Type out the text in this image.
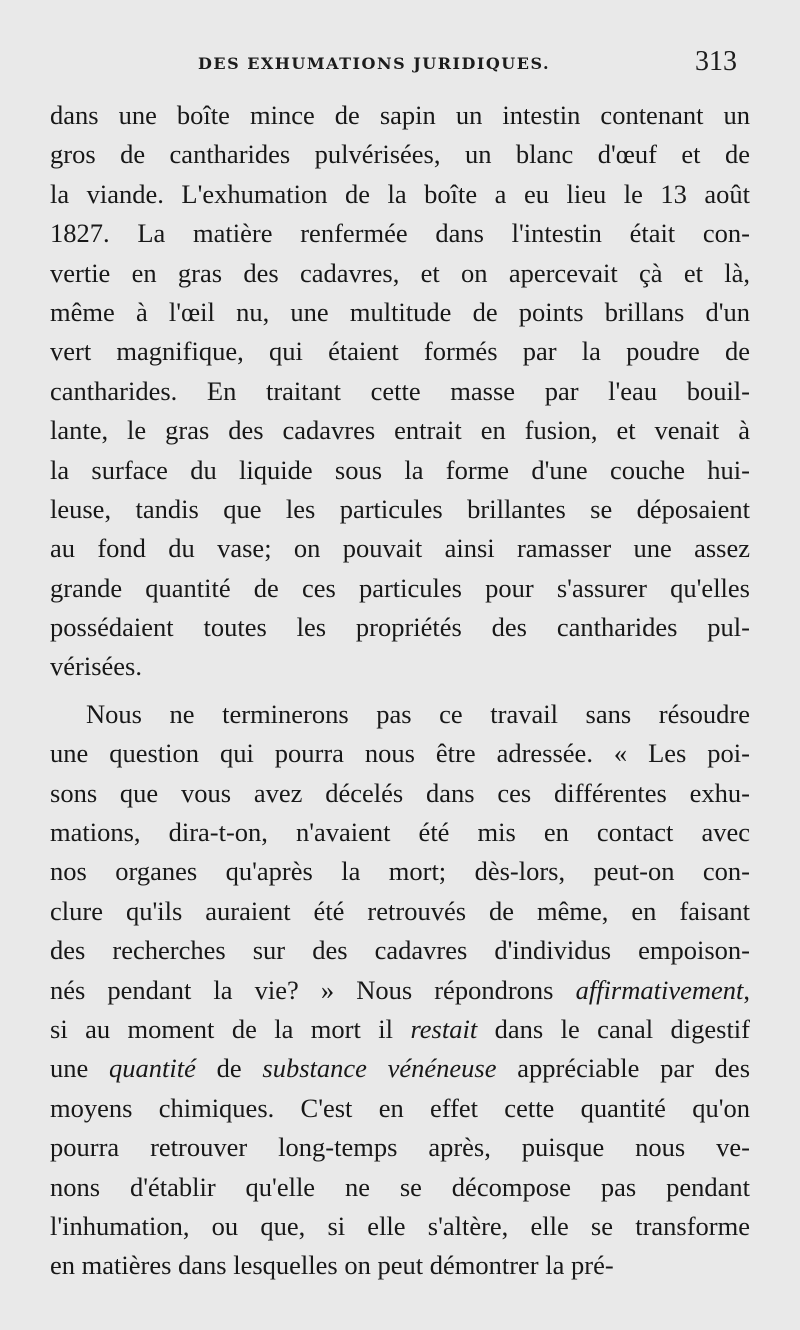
DES EXHUMATIONS JURIDIQUES.	313
dans une boîte mince de sapin un intestin contenant un
gros de cantharides pulvérisées, un blanc d'œuf et de
la viande. L'exhumation de la boîte a eu lieu le 13 août
1827. La matière renfermée dans l'intestin était con-
vertie en gras des cadavres, et on apercevait çà et là,
même à l'œil nu, une multitude de points brillans d'un
vert magnifique, qui étaient formés par la poudre de
cantharides. En traitant cette masse par l'eau bouil-
lante, le gras des cadavres entrait en fusion, et venait à
la surface du liquide sous la forme d'une couche hui-
leuse, tandis que les particules brillantes se déposaient
au fond du vase; on pouvait ainsi ramasser une assez
grande quantité de ces particules pour s'assurer qu'elles
possédaient toutes les propriétés des cantharides pul-
vérisées.
Nous ne terminerons pas ce travail sans résoudre
une question qui pourra nous être adressée. « Les poi-
sons que vous avez décelés dans ces différentes exhu-
mations, dira-t-on, n'avaient été mis en contact avec
nos organes qu'après la mort; dès-lors, peut-on con-
clure qu'ils auraient été retrouvés de même, en faisant
des recherches sur des cadavres d'individus empoison-
nés pendant la vie? » Nous répondrons affirmativement,
si au moment de la mort il restait dans le canal digestif
une quantité de substance vénéneuse appréciable par des
moyens chimiques. C'est en effet cette quantité qu'on
pourra retrouver long-temps après, puisque nous ve-
nons d'établir qu'elle ne se décompose pas pendant
l'inhumation, ou que, si elle s'altère, elle se transforme
en matières dans lesquelles on peut démontrer la pré-
